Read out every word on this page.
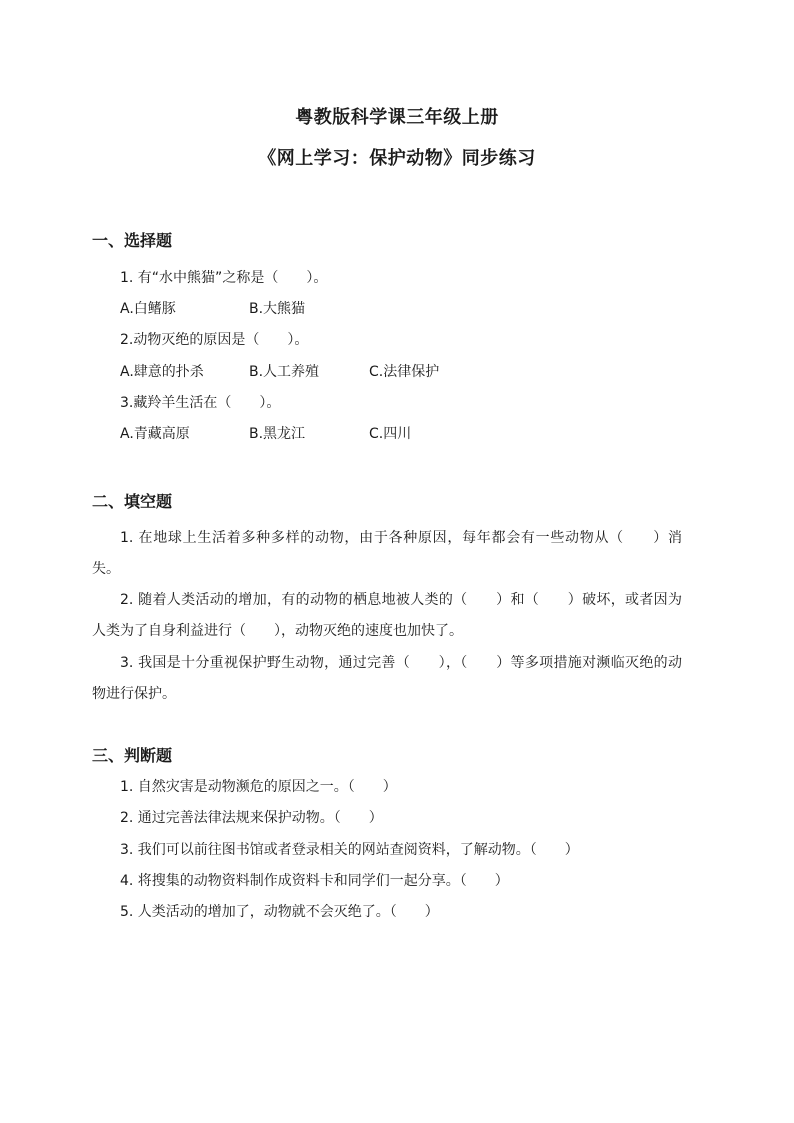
粤教版科学课三年级上册
《网上学习：保护动物》同步练习
一、选择题
1. 有“水中熊猫”之称是（　　）。
A.白鳍豚	B.大熊猫
2.动物灭绝的原因是（　　）。
A.肆意的扑杀	B.人工养殖	C.法律保护
3.藏羚羊生活在（　　）。
A.青藏高原	B.黑龙江	C.四川
二、填空题
1. 在地球上生活着多种多样的动物，由于各种原因，每年都会有一些动物从（　　）消失。
2. 随着人类活动的增加，有的动物的栖息地被人类的（　　）和（　　）破坏，或者因为人类为了自身利益进行（　　），动物灭绝的速度也加快了。
3. 我国是十分重视保护野生动物，通过完善（　　），（　　）等多项措施对濒临灭绝的动物进行保护。
三、判断题
1. 自然灾害是动物濒危的原因之一。（　　）
2. 通过完善法律法规来保护动物。（　　）
3. 我们可以前往图书馆或者登录相关的网站查阅资料，了解动物。（　　）
4. 将搜集的动物资料制作成资料卡和同学们一起分享。（　　）
5. 人类活动的增加了，动物就不会灭绝了。（　　）
